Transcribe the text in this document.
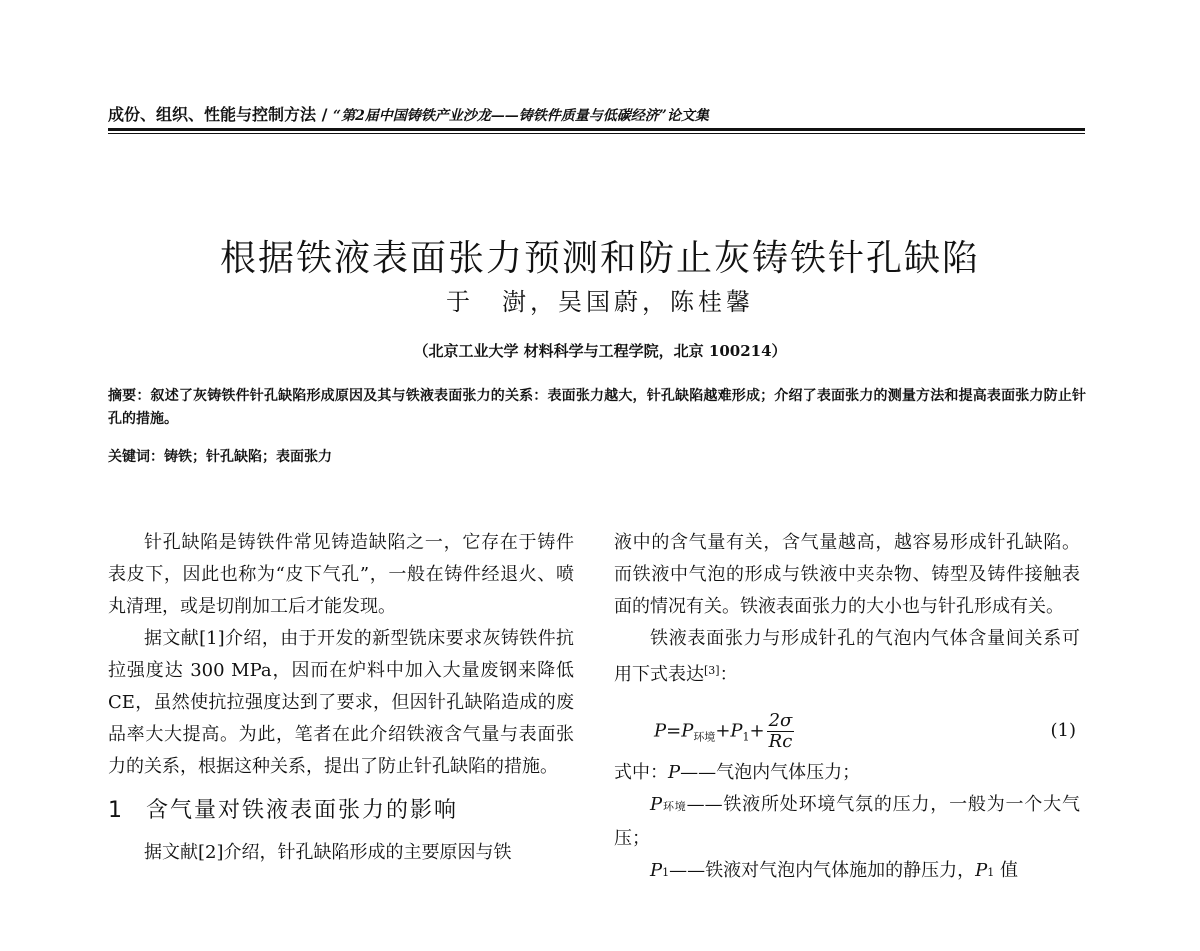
成份、组织、性能与控制方法 / “第2届中国铸铁产业沙龙——铸铁件质量与低碳经济”论文集
根据铁液表面张力预测和防止灰铸铁针孔缺陷
于　澍，吴国蔚，陈桂馨
（北京工业大学 材料科学与工程学院，北京 100214）
摘要：叙述了灰铸铁件针孔缺陷形成原因及其与铁液表面张力的关系：表面张力越大，针孔缺陷越难形成；介绍了表面张力的测量方法和提高表面张力防止针孔的措施。
关键词：铸铁；针孔缺陷；表面张力

针孔缺陷是铸铁件常见铸造缺陷之一，它存在于铸件表皮下，因此也称为“皮下气孔”，一般在铸件经退火、喷丸清理，或是切削加工后才能发现。

据文献[1]介绍，由于开发的新型铣床要求灰铸铁件抗拉强度达 300 MPa，因而在炉料中加入大量废钢来降低 CE，虽然使抗拉强度达到了要求，但因针孔缺陷造成的废品率大大提高。为此，笔者在此介绍铁液含气量与表面张力的关系，根据这种关系，提出了防止针孔缺陷的措施。

1 含气量对铁液表面张力的影响

据文献[2]介绍，针孔缺陷形成的主要原因与铁

液中的含气量有关，含气量越高，越容易形成针孔缺陷。而铁液中气泡的形成与铁液中夹杂物、铸型及铸件接触表面的情况有关。铁液表面张力的大小也与针孔形成有关。

铁液表面张力与形成针孔的气泡内气体含量间关系可用下式表达[3]：

$P=P_{环境}+P_1+ \frac{2\sigma}{Rc}$	(1)

式中：P——气泡内气体压力；

P环境——铁液所处环境气氛的压力，一般为一个大气压；

P1——铁液对气泡内气体施加的静压力，P1 值
